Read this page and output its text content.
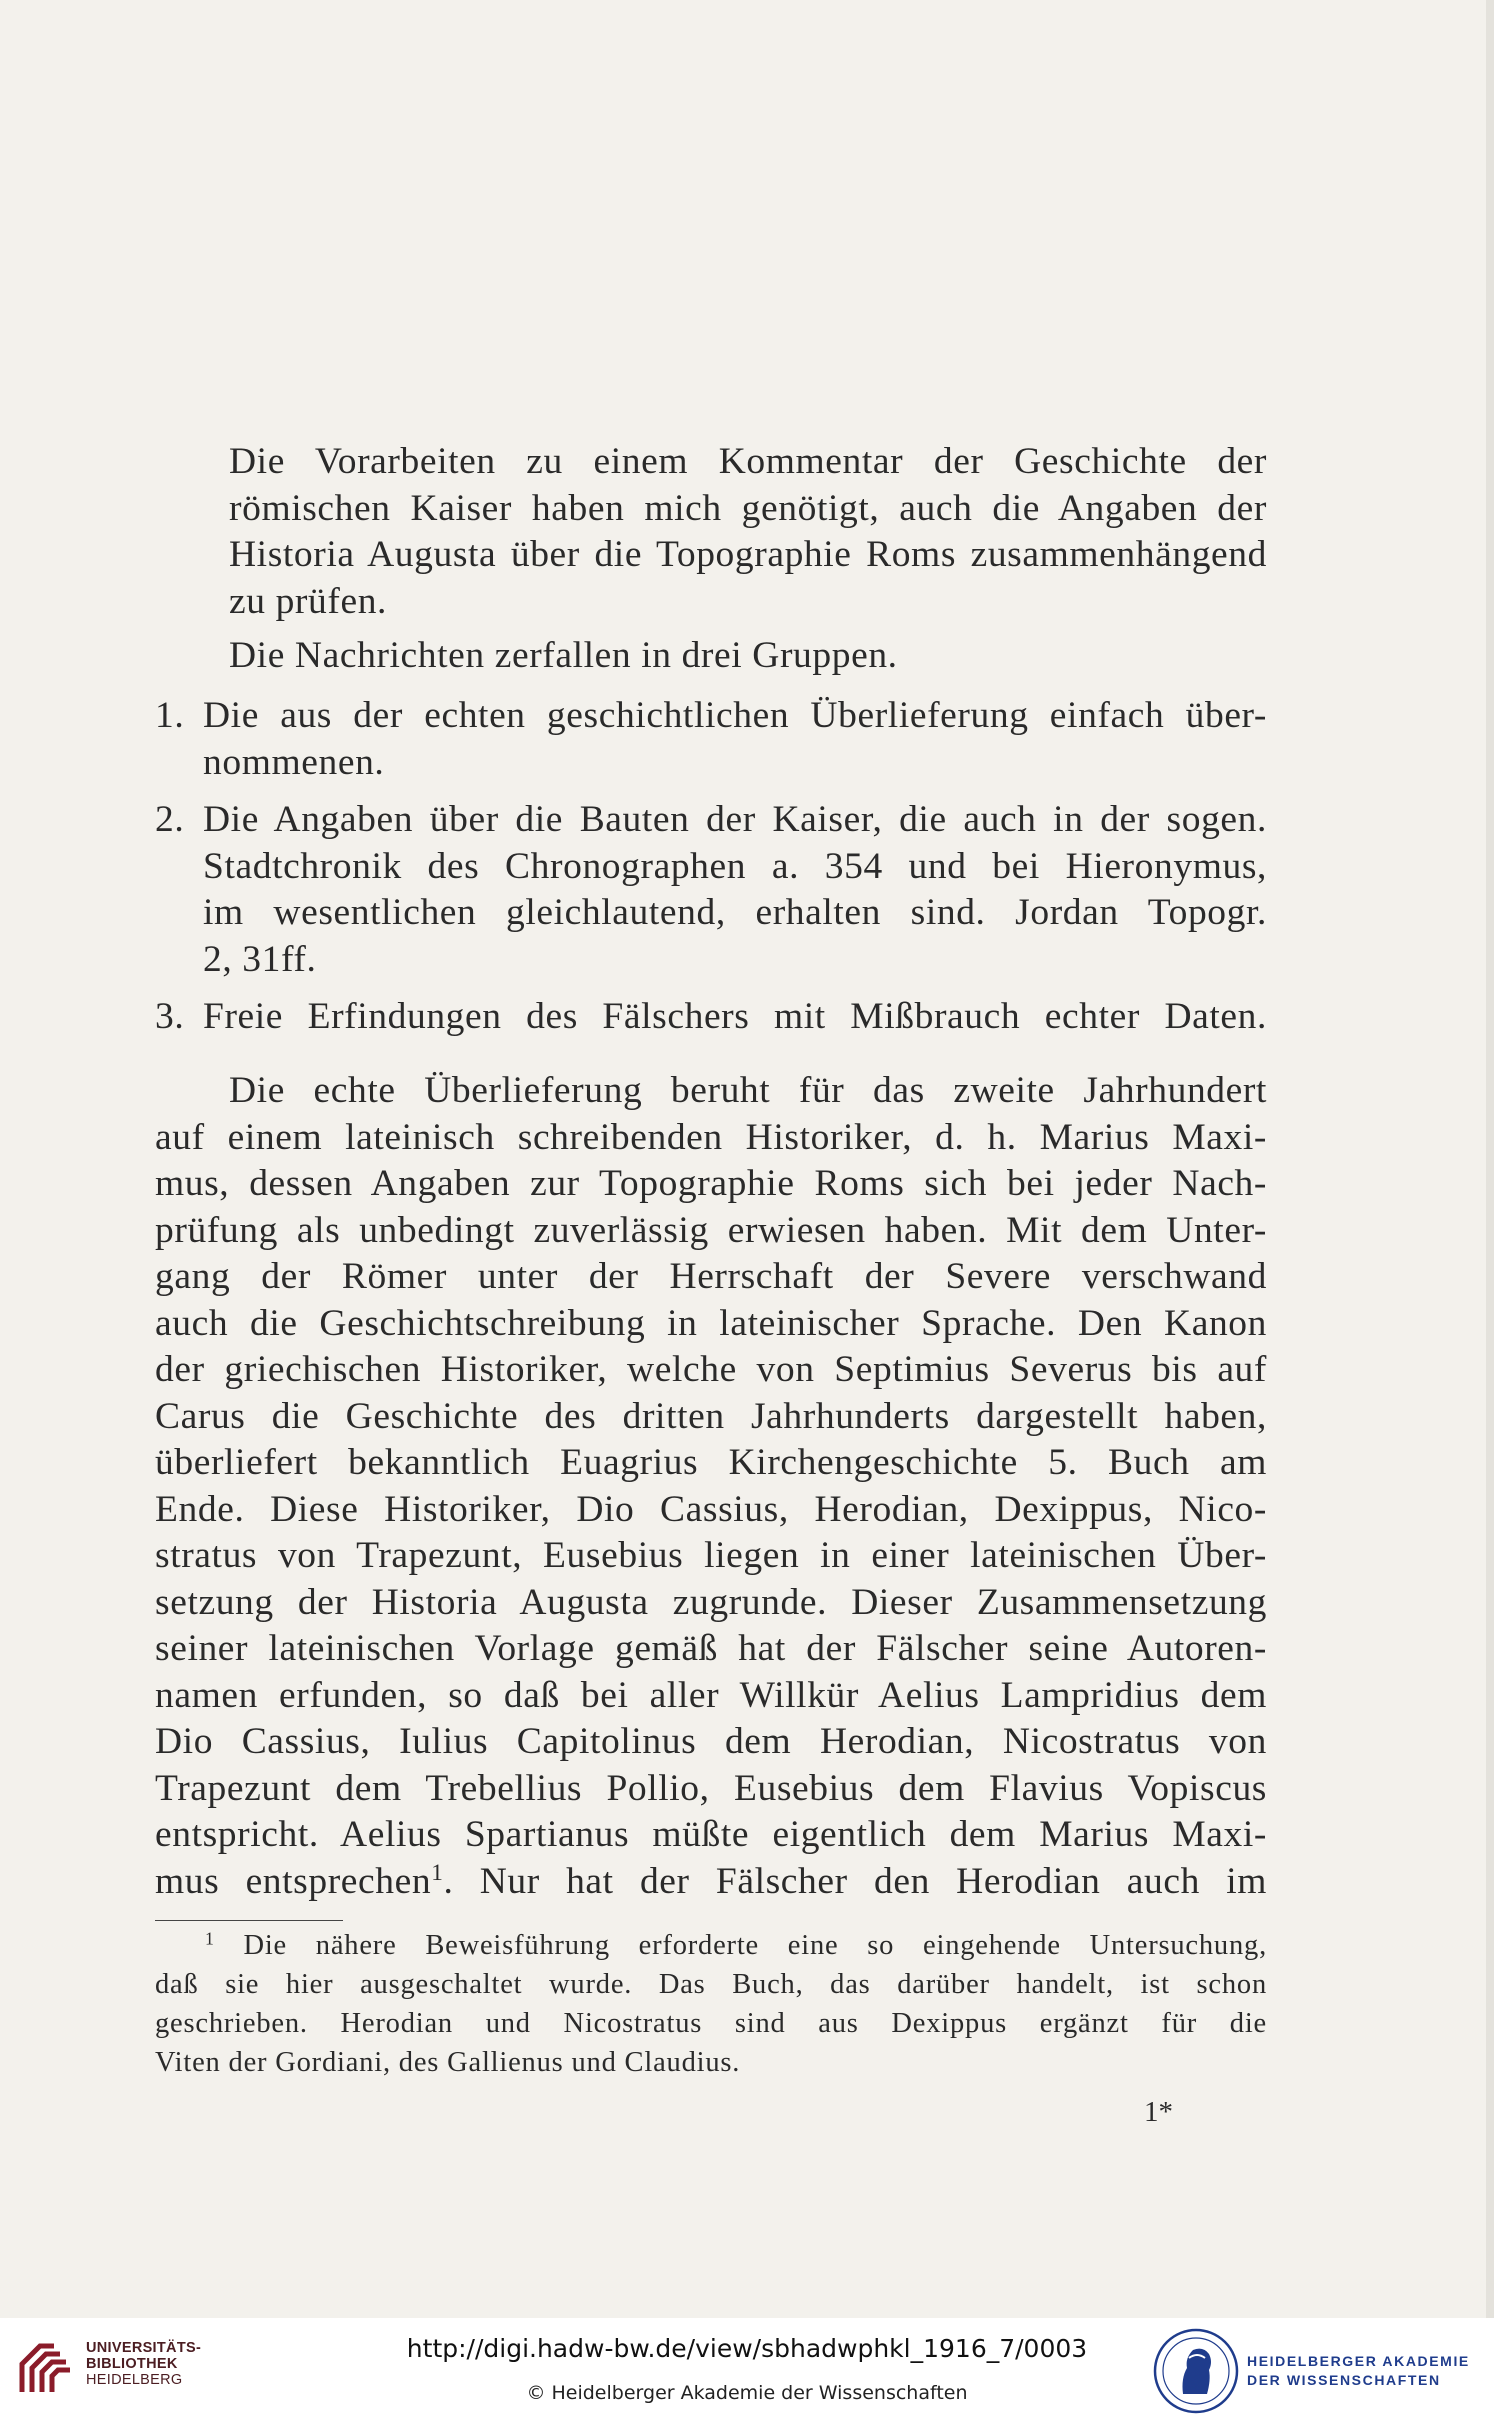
Die Vorarbeiten zu einem Kommentar der Geschichte der
römischen Kaiser haben mich genötigt, auch die Angaben der
Historia Augusta über die Topographie Roms zusammenhängend
zu prüfen.
Die Nachrichten zerfallen in drei Gruppen.
1. Die aus der echten geschichtlichen Überlieferung einfach über-
nommenen.
2. Die Angaben über die Bauten der Kaiser, die auch in der sogen.
Stadtchronik des Chronographen a. 354 und bei Hieronymus,
im wesentlichen gleichlautend, erhalten sind. Jordan Topogr.
2, 31ff.
3. Freie Erfindungen des Fälschers mit Mißbrauch echter Daten.
Die echte Überlieferung beruht für das zweite Jahrhundert
auf einem lateinisch schreibenden Historiker, d. h. Marius Maxi-
mus, dessen Angaben zur Topographie Roms sich bei jeder Nach-
prüfung als unbedingt zuverlässig erwiesen haben. Mit dem Unter-
gang der Römer unter der Herrschaft der Severe verschwand
auch die Geschichtschreibung in lateinischer Sprache. Den Kanon
der griechischen Historiker, welche von Septimius Severus bis auf
Carus die Geschichte des dritten Jahrhunderts dargestellt haben,
überliefert bekanntlich Euagrius Kirchengeschichte 5. Buch am
Ende. Diese Historiker, Dio Cassius, Herodian, Dexippus, Nico-
stratus von Trapezunt, Eusebius liegen in einer lateinischen Über-
setzung der Historia Augusta zugrunde. Dieser Zusammensetzung
seiner lateinischen Vorlage gemäß hat der Fälscher seine Autoren-
namen erfunden, so daß bei aller Willkür Aelius Lampridius dem
Dio Cassius, Iulius Capitolinus dem Herodian, Nicostratus von
Trapezunt dem Trebellius Pollio, Eusebius dem Flavius Vopiscus
entspricht. Aelius Spartianus müßte eigentlich dem Marius Maxi-
mus entsprechen$^1$. Nur hat der Fälscher den Herodian auch im
$^1$ Die nähere Beweisführung erforderte eine so eingehende Untersuchung,
daß sie hier ausgeschaltet wurde. Das Buch, das darüber handelt, ist schon
geschrieben. Herodian und Nicostratus sind aus Dexippus ergänzt für die
Viten der Gordiani, des Gallienus und Claudius.
1*
UNIVERSITÄTS-
BIBLIOTHEK
HEIDELBERG
http://digi.hadw-bw.de/view/sbhadwphkl_1916_7/0003
© Heidelberger Akademie der Wissenschaften
HEIDELBERGER AKADEMIE
DER WISSENSCHAFTEN
